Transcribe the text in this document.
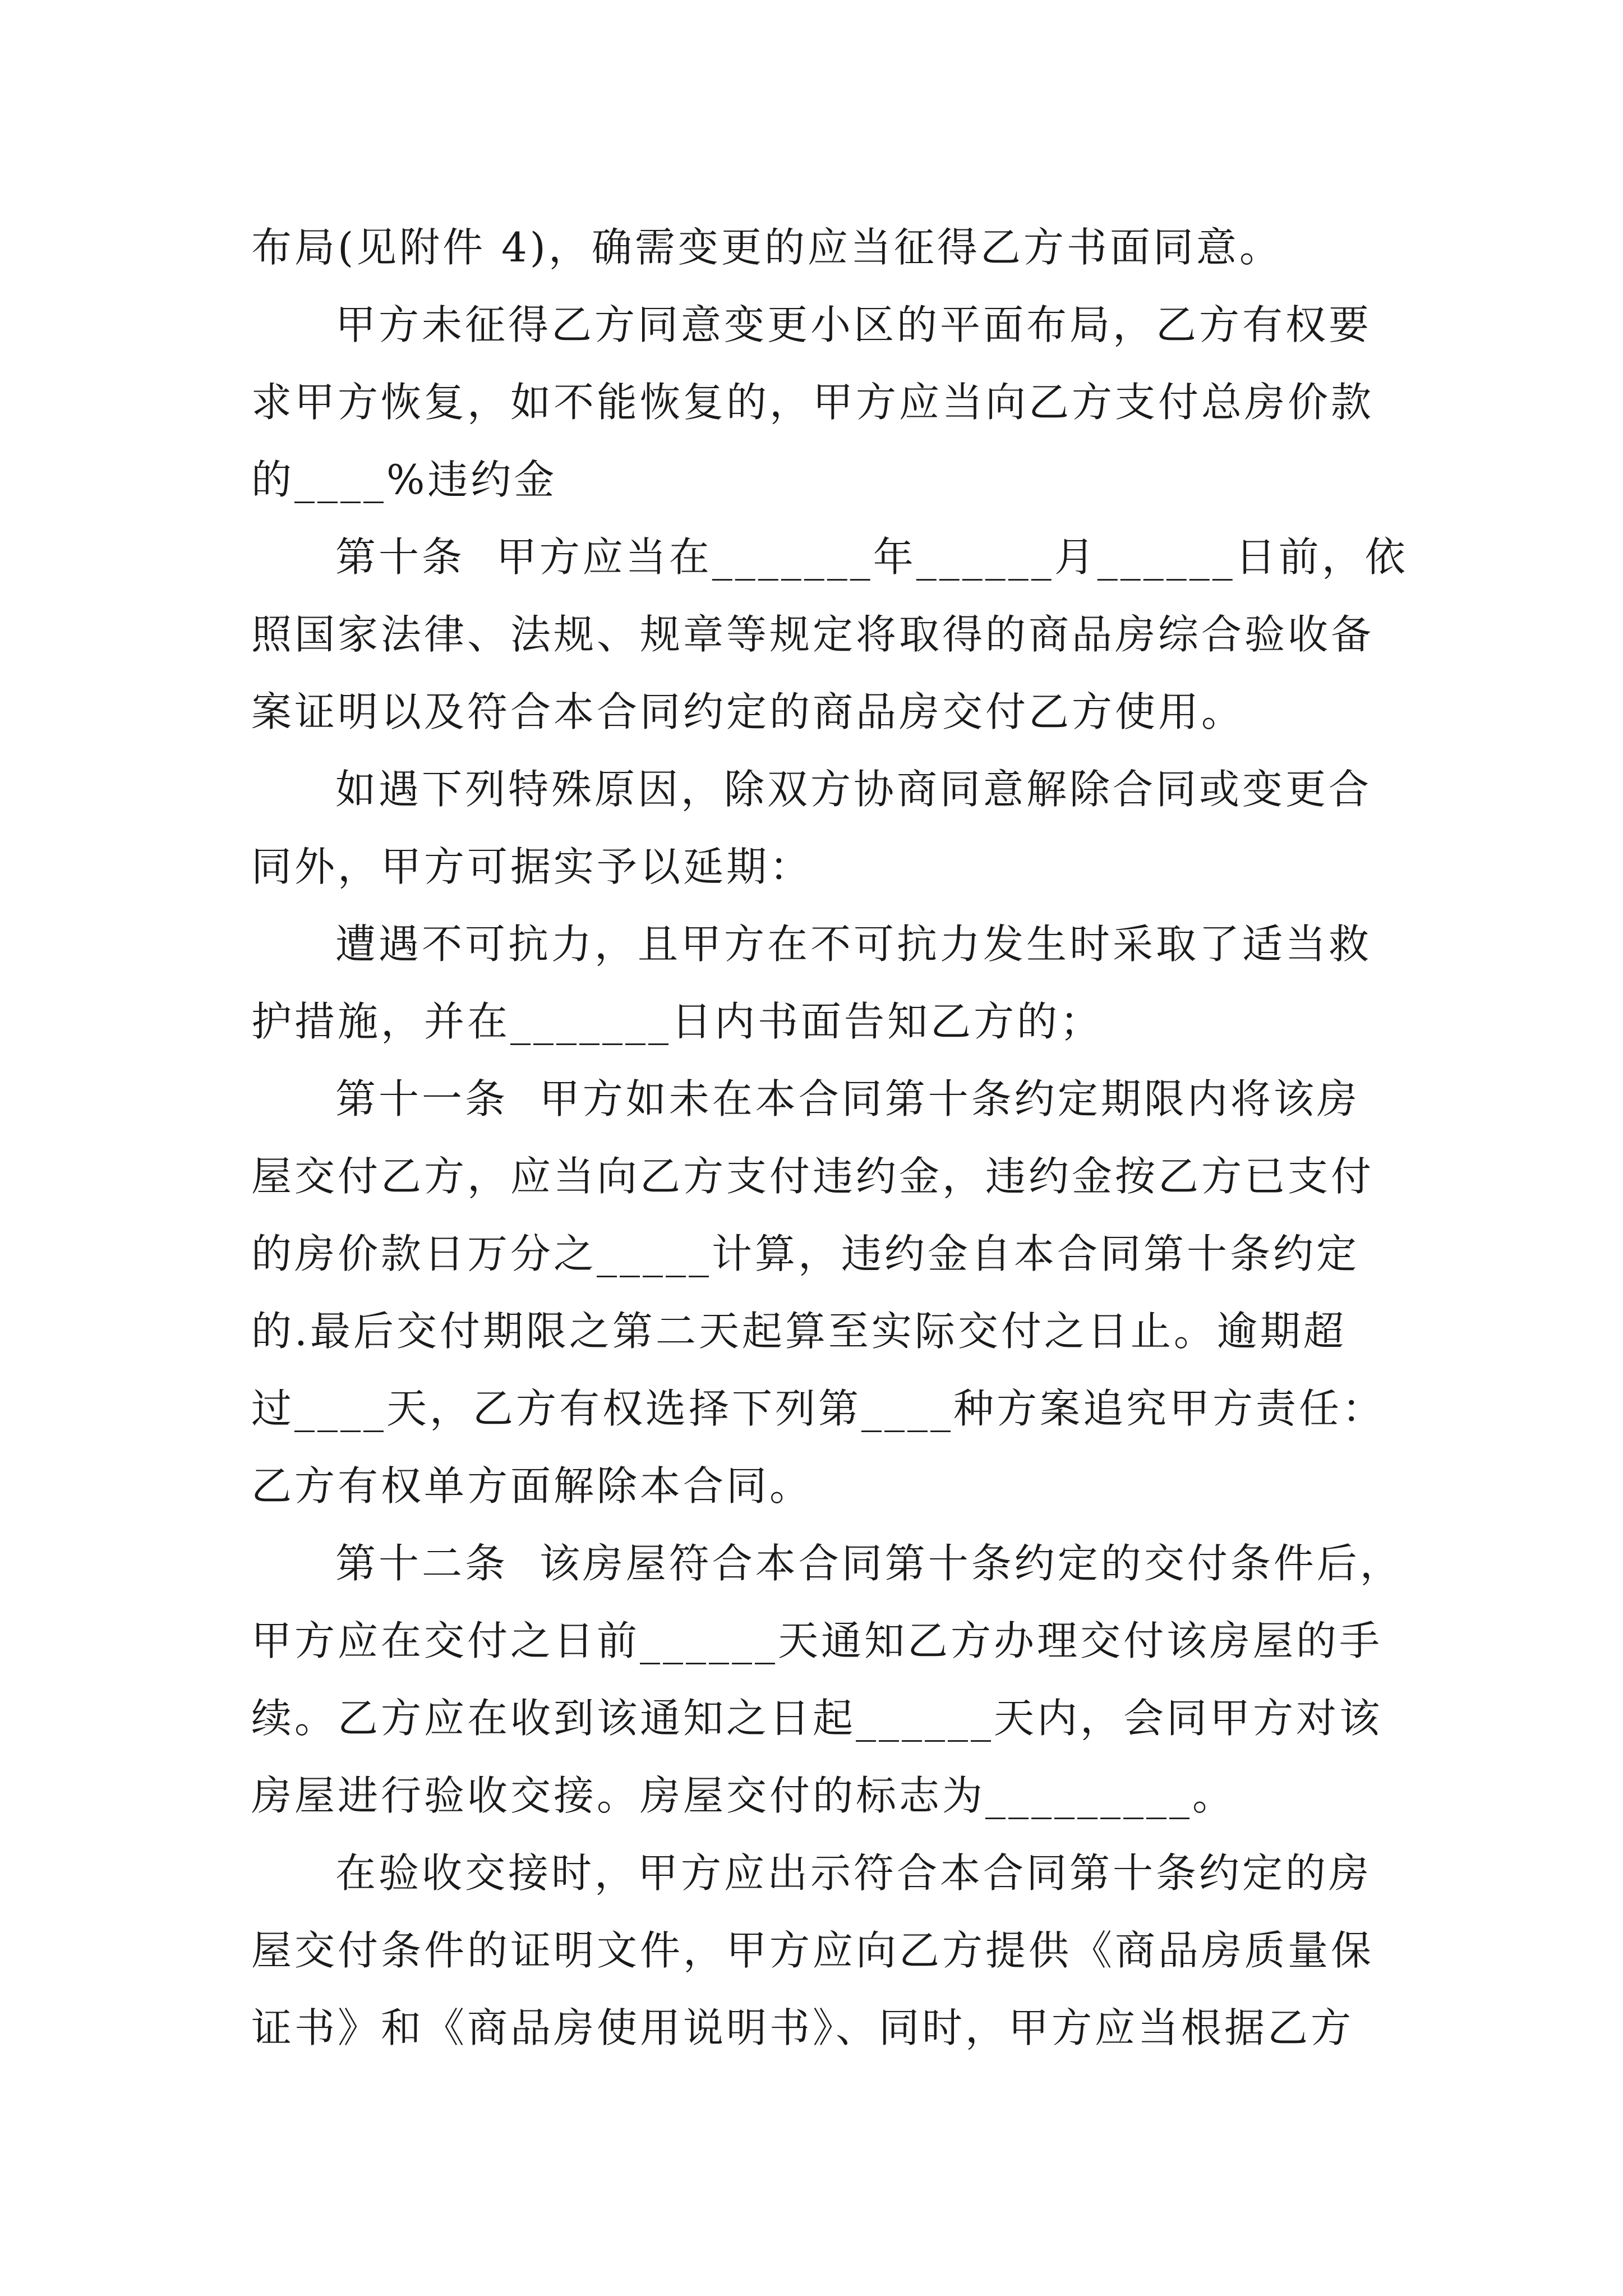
布局(见附件 4)，确需变更的应当征得乙方书面同意。
甲方未征得乙方同意变更小区的平面布局，乙方有权要
求甲方恢复，如不能恢复的，甲方应当向乙方支付总房价款
的____%违约金
第十条  甲方应当在_______年______月______日前，依
照国家法律、法规、规章等规定将取得的商品房综合验收备
案证明以及符合本合同约定的商品房交付乙方使用。
如遇下列特殊原因，除双方协商同意解除合同或变更合
同外，甲方可据实予以延期：
遭遇不可抗力，且甲方在不可抗力发生时采取了适当救
护措施，并在_______日内书面告知乙方的；
第十一条  甲方如未在本合同第十条约定期限内将该房
屋交付乙方，应当向乙方支付违约金，违约金按乙方已支付
的房价款日万分之_____计算，违约金自本合同第十条约定
的.最后交付期限之第二天起算至实际交付之日止。逾期超
过____天，乙方有权选择下列第____种方案追究甲方责任：
乙方有权单方面解除本合同。
第十二条  该房屋符合本合同第十条约定的交付条件后，
甲方应在交付之日前______天通知乙方办理交付该房屋的手
续。乙方应在收到该通知之日起______天内，会同甲方对该
房屋进行验收交接。房屋交付的标志为_________。
在验收交接时，甲方应出示符合本合同第十条约定的房
屋交付条件的证明文件，甲方应向乙方提供《商品房质量保
证书》和《商品房使用说明书》、同时，甲方应当根据乙方
